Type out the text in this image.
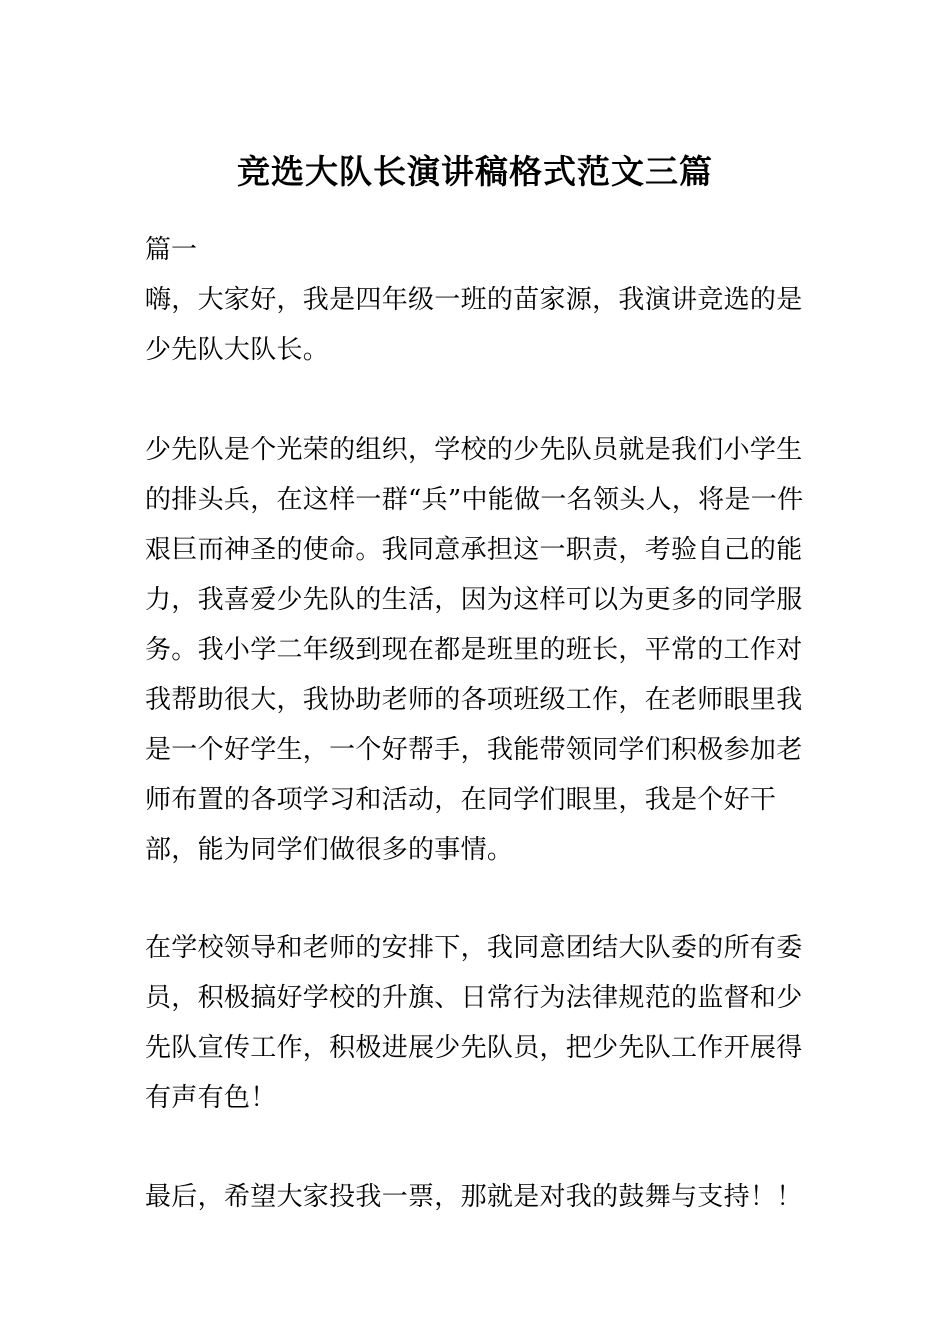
竞选大队长演讲稿格式范文三篇

篇一

嗨，大家好，我是四年级一班的苗家源，我演讲竞选的是少先队大队长。

少先队是个光荣的组织，学校的少先队员就是我们小学生的排头兵，在这样一群“兵”中能做一名领头人，将是一件艰巨而神圣的使命。我同意承担这一职责，考验自己的能力，我喜爱少先队的生活，因为这样可以为更多的同学服务。我小学二年级到现在都是班里的班长，平常的工作对我帮助很大，我协助老师的各项班级工作，在老师眼里我是一个好学生，一个好帮手，我能带领同学们积极参加老师布置的各项学习和活动，在同学们眼里，我是个好干部，能为同学们做很多的事情。

在学校领导和老师的安排下，我同意团结大队委的所有委员，积极搞好学校的升旗、日常行为法律规范的监督和少先队宣传工作，积极进展少先队员，把少先队工作开展得有声有色！

最后，希望大家投我一票，那就是对我的鼓舞与支持！！
